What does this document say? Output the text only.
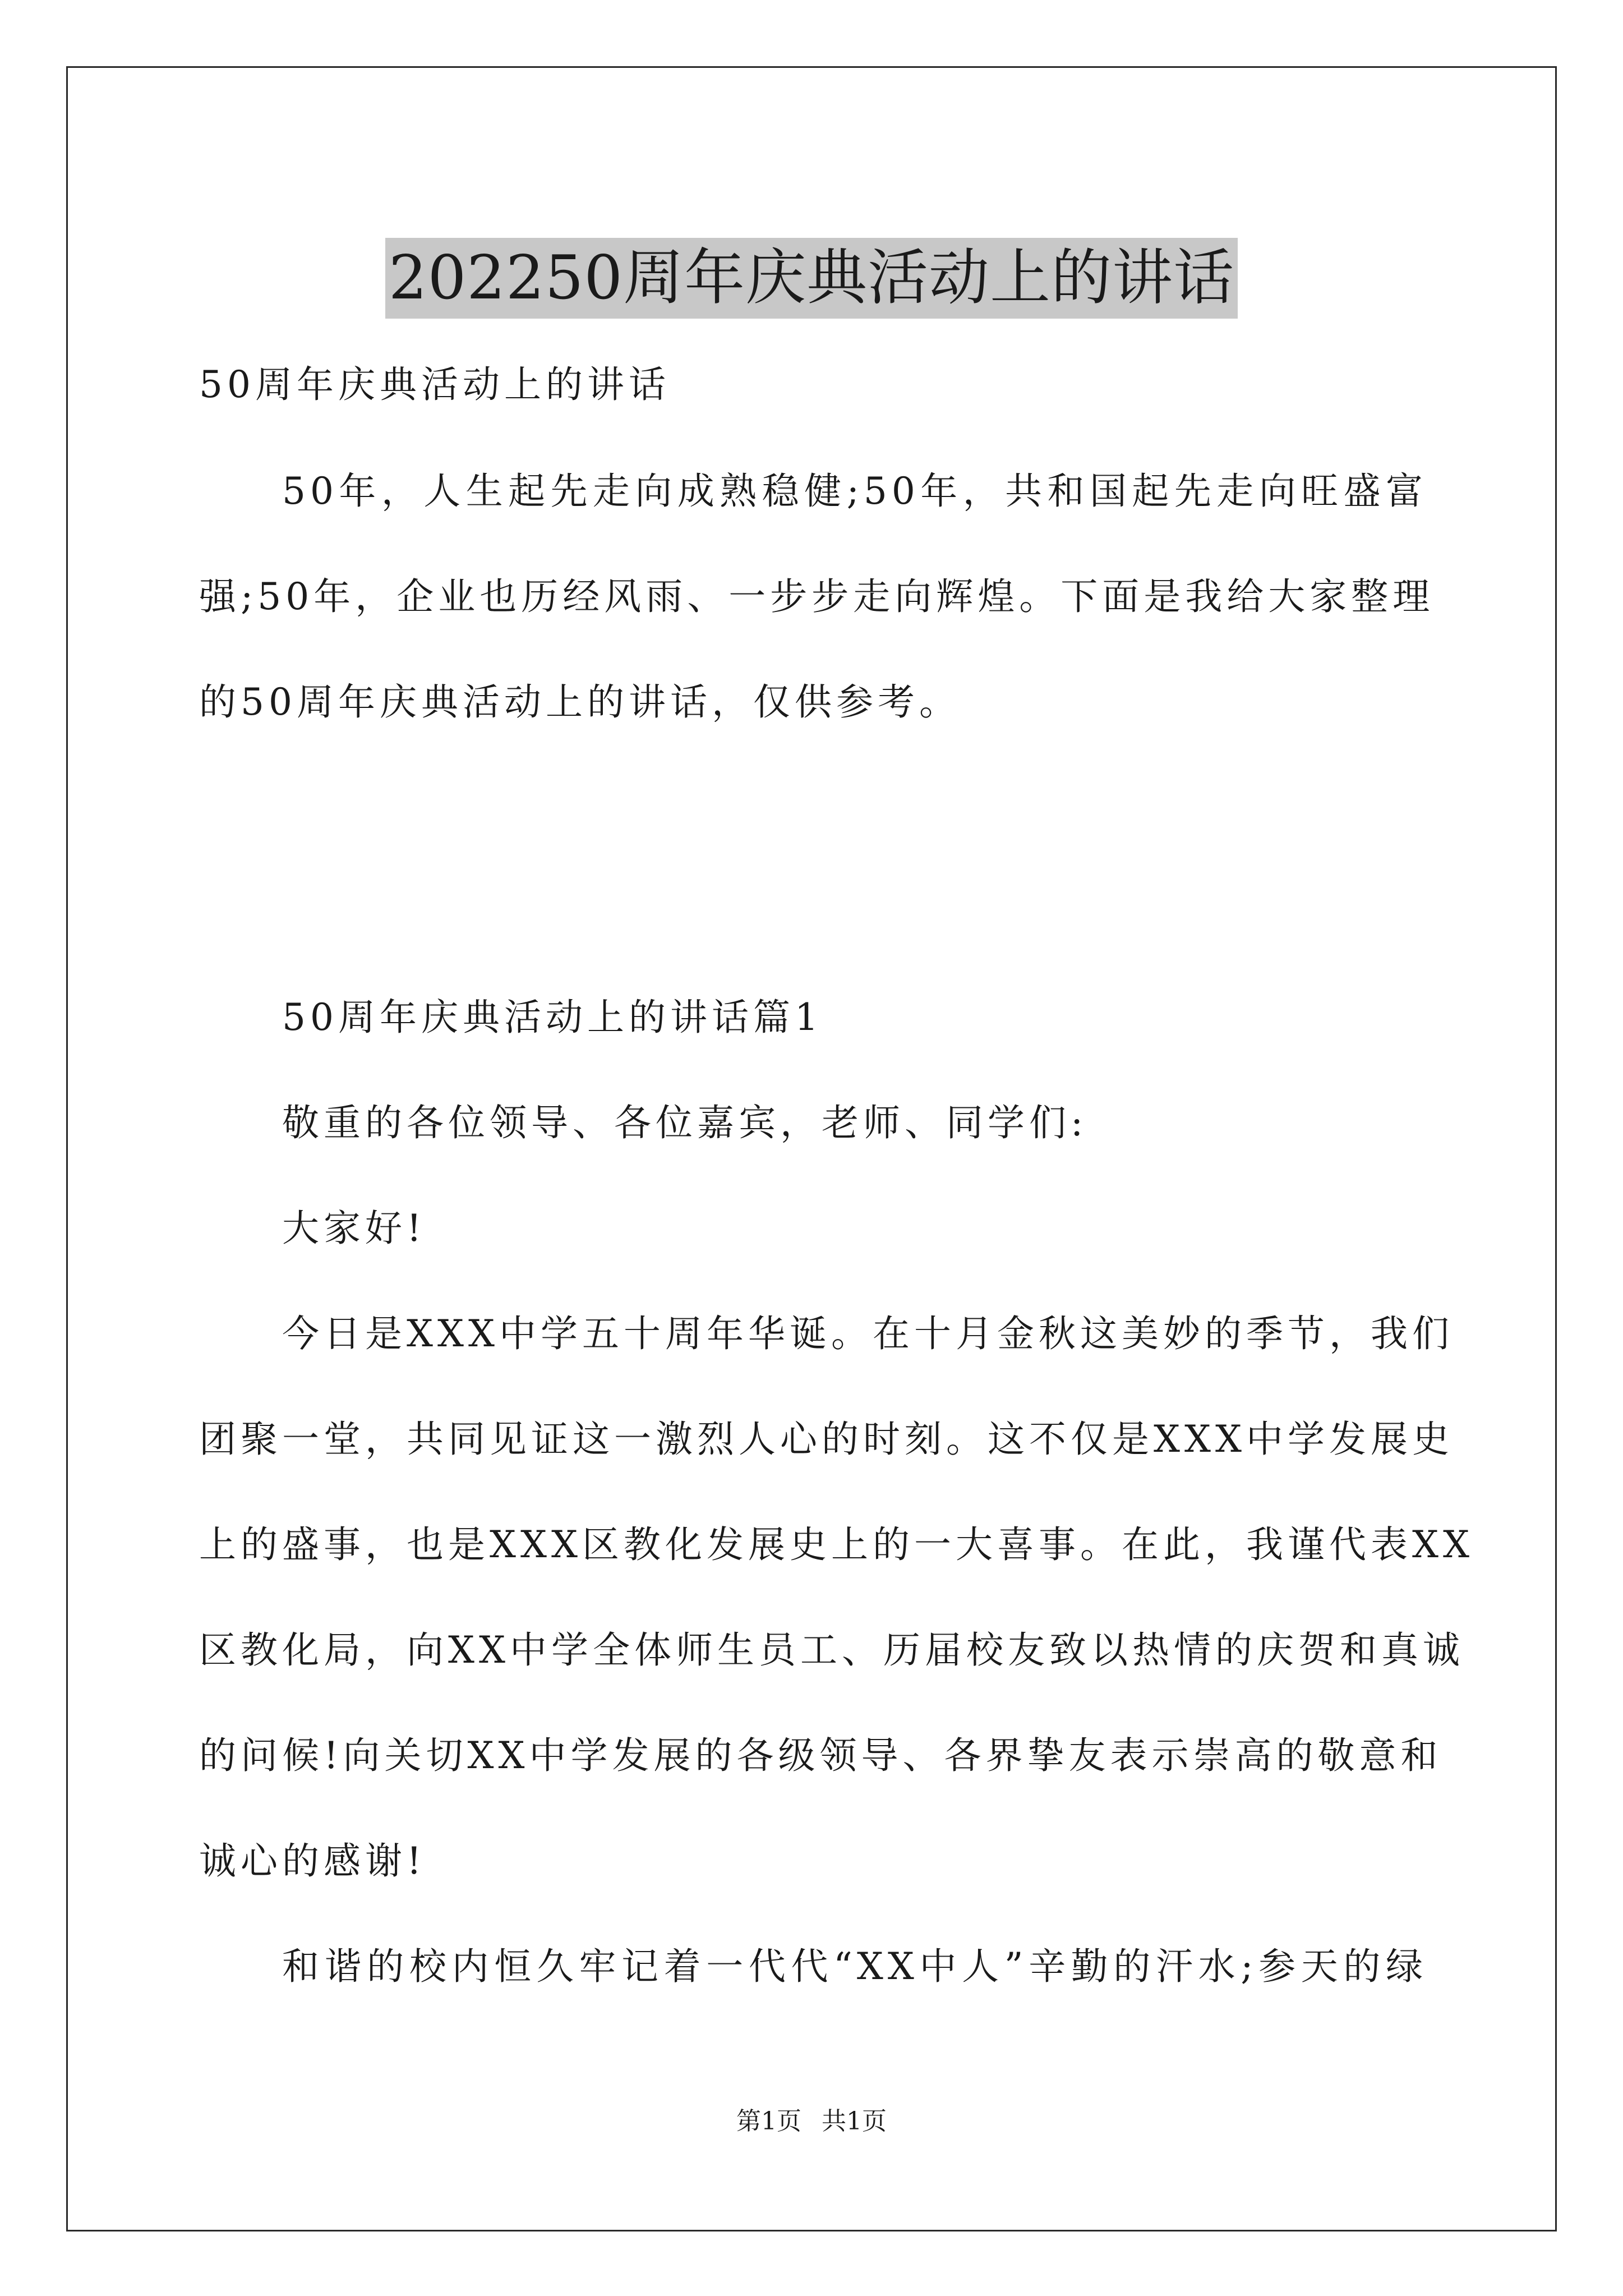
202250周年庆典活动上的讲话
50周年庆典活动上的讲话
50年，人生起先走向成熟稳健;50年，共和国起先走向旺盛富
强;50年，企业也历经风雨、一步步走向辉煌。下面是我给大家整理
的50周年庆典活动上的讲话，仅供参考。
50周年庆典活动上的讲话篇1
敬重的各位领导、各位嘉宾，老师、同学们:
大家好!
今日是XXX中学五十周年华诞。在十月金秋这美妙的季节，我们
团聚一堂，共同见证这一激烈人心的时刻。这不仅是XXX中学发展史
上的盛事，也是XXX区教化发展史上的一大喜事。在此，我谨代表XX
区教化局，向XX中学全体师生员工、历届校友致以热情的庆贺和真诚
的问候!向关切XX中学发展的各级领导、各界挚友表示崇高的敬意和
诚心的感谢!
和谐的校内恒久牢记着一代代“XX中人”辛勤的汗水;参天的绿
第1页 共1页
